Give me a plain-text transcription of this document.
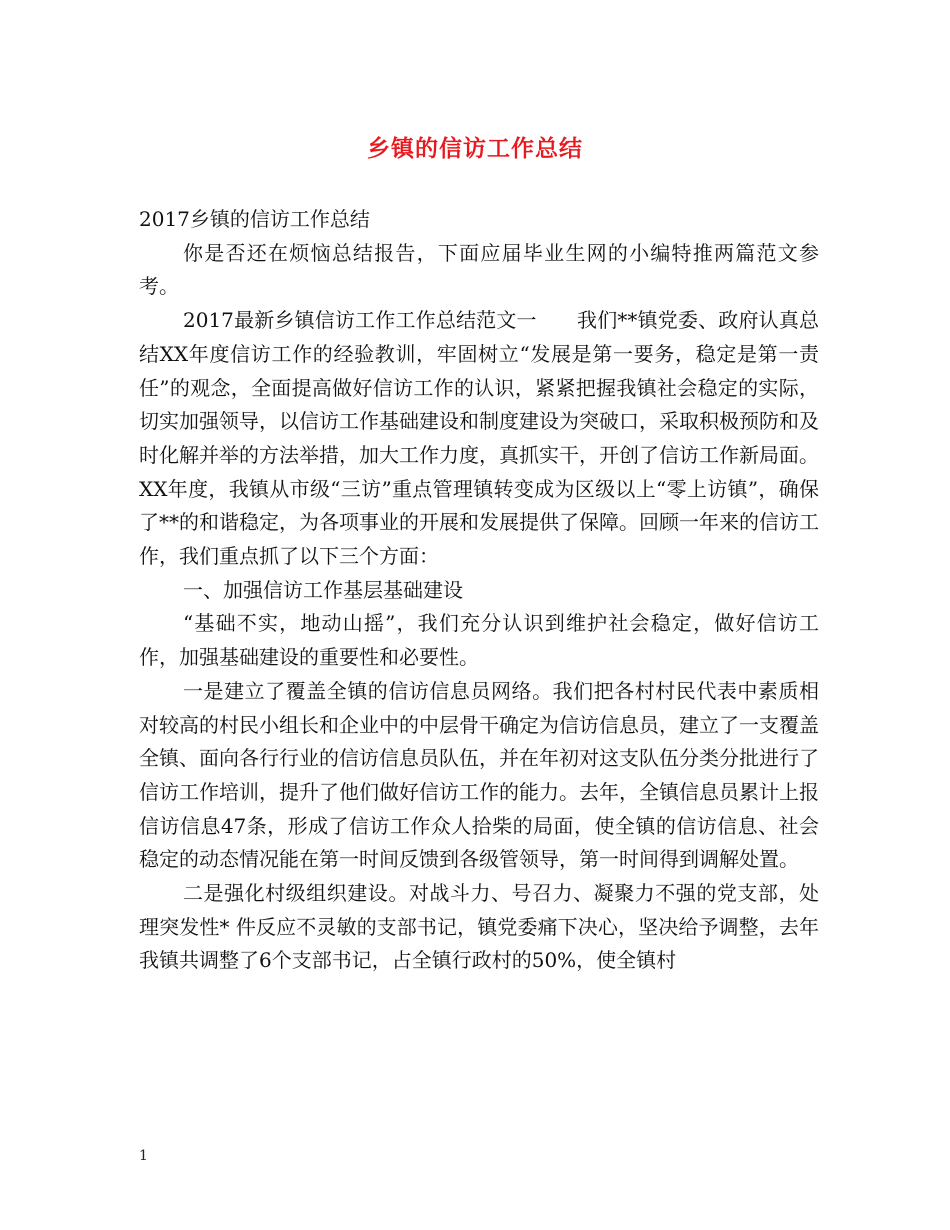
乡镇的信访工作总结

2017乡镇的信访工作总结

你是否还在烦恼总结报告，下面应届毕业生网的小编特推两篇范文参考。

2017最新乡镇信访工作工作总结范文一　　我们**镇党委、政府认真总结XX年度信访工作的经验教训，牢固树立“发展是第一要务，稳定是第一责任”的观念，全面提高做好信访工作的认识，紧紧把握我镇社会稳定的实际，切实加强领导，以信访工作基础建设和制度建设为突破口，采取积极预防和及时化解并举的方法举措，加大工作力度，真抓实干，开创了信访工作新局面。XX年度，我镇从市级“三访”重点管理镇转变成为区级以上“零上访镇”，确保了**的和谐稳定，为各项事业的开展和发展提供了保障。回顾一年来的信访工作，我们重点抓了以下三个方面：

一、加强信访工作基层基础建设

“基础不实，地动山摇”，我们充分认识到维护社会稳定，做好信访工作，加强基础建设的重要性和必要性。

一是建立了覆盖全镇的信访信息员网络。我们把各村村民代表中素质相对较高的村民小组长和企业中的中层骨干确定为信访信息员，建立了一支覆盖全镇、面向各行行业的信访信息员队伍，并在年初对这支队伍分类分批进行了信访工作培训，提升了他们做好信访工作的能力。去年，全镇信息员累计上报信访信息47条，形成了信访工作众人拾柴的局面，使全镇的信访信息、社会稳定的动态情况能在第一时间反馈到各级管领导，第一时间得到调解处置。

二是强化村级组织建设。对战斗力、号召力、凝聚力不强的党支部，处理突发性* 件反应不灵敏的支部书记，镇党委痛下决心，坚决给予调整，去年我镇共调整了6个支部书记，占全镇行政村的50%，使全镇村

1
